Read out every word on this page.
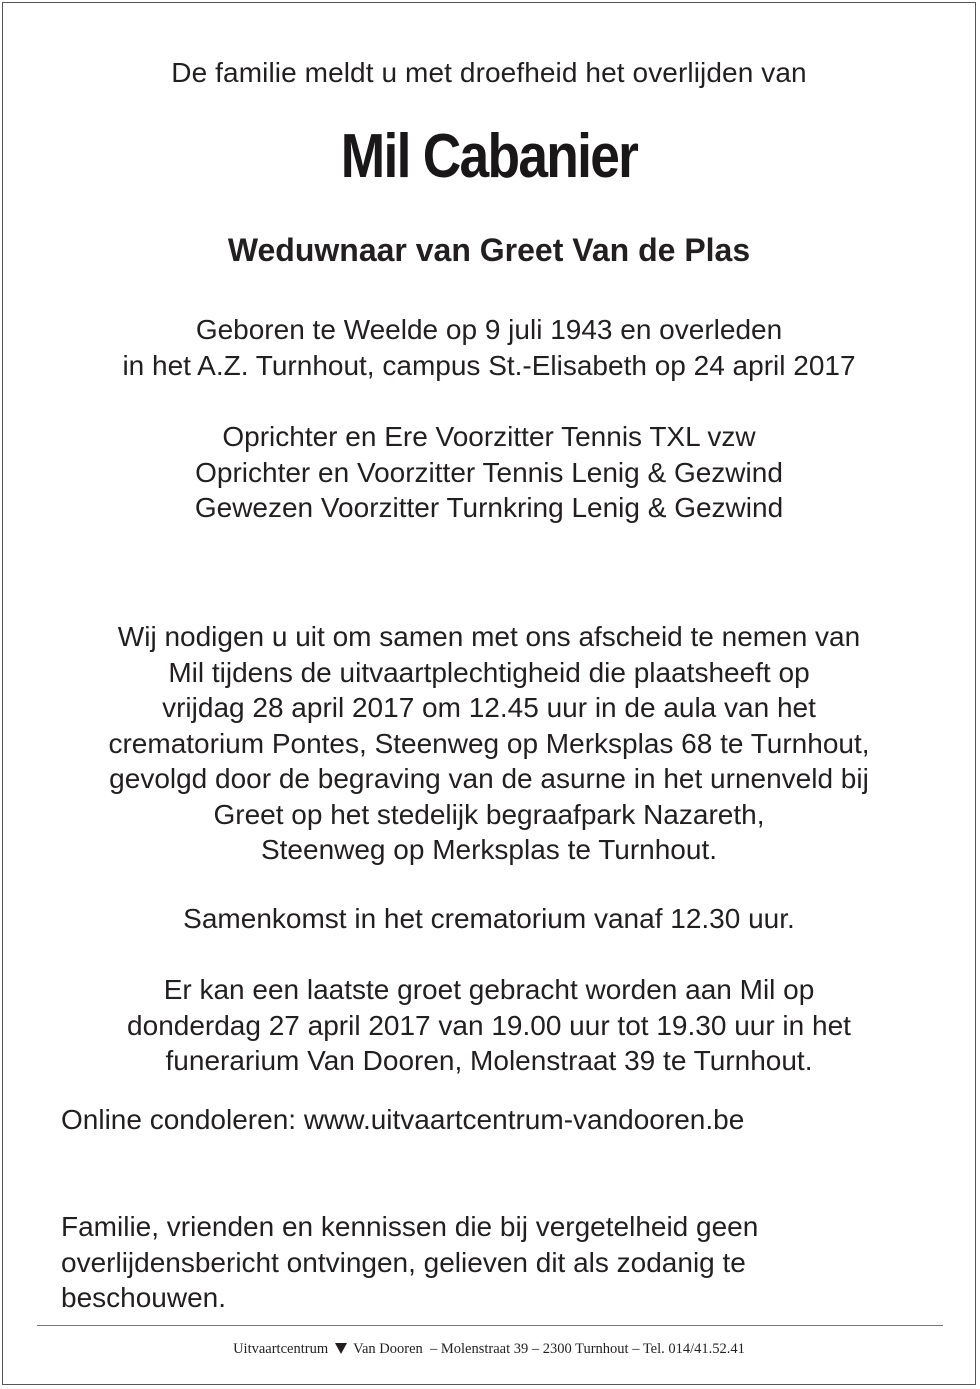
De familie meldt u met droefheid het overlijden van
Mil Cabanier
Weduwnaar van Greet Van de Plas
Geboren te Weelde op 9 juli 1943 en overleden
in het A.Z. Turnhout, campus St.-Elisabeth op 24 april 2017
Oprichter en Ere Voorzitter Tennis TXL vzw
Oprichter en Voorzitter Tennis Lenig & Gezwind
Gewezen Voorzitter Turnkring Lenig & Gezwind
Wij nodigen u uit om samen met ons afscheid te nemen van
Mil tijdens de uitvaartplechtigheid die plaatsheeft op
vrijdag 28 april 2017 om 12.45 uur in de aula van het
crematorium Pontes, Steenweg op Merksplas 68 te Turnhout,
gevolgd door de begraving van de asurne in het urnenveld bij
Greet op het stedelijk begraafpark Nazareth,
Steenweg op Merksplas te Turnhout.
Samenkomst in het crematorium vanaf 12.30 uur.
Er kan een laatste groet gebracht worden aan Mil op
donderdag 27 april 2017 van 19.00 uur tot 19.30 uur in het
funerarium Van Dooren, Molenstraat 39 te Turnhout.
Online condoleren: www.uitvaartcentrum-vandooren.be
Familie, vrienden en kennissen die bij vergetelheid geen
overlijdensbericht ontvingen, gelieven dit als zodanig te
beschouwen.
Uitvaartcentrum Van Dooren – Molenstraat 39 – 2300 Turnhout – Tel. 014/41.52.41
